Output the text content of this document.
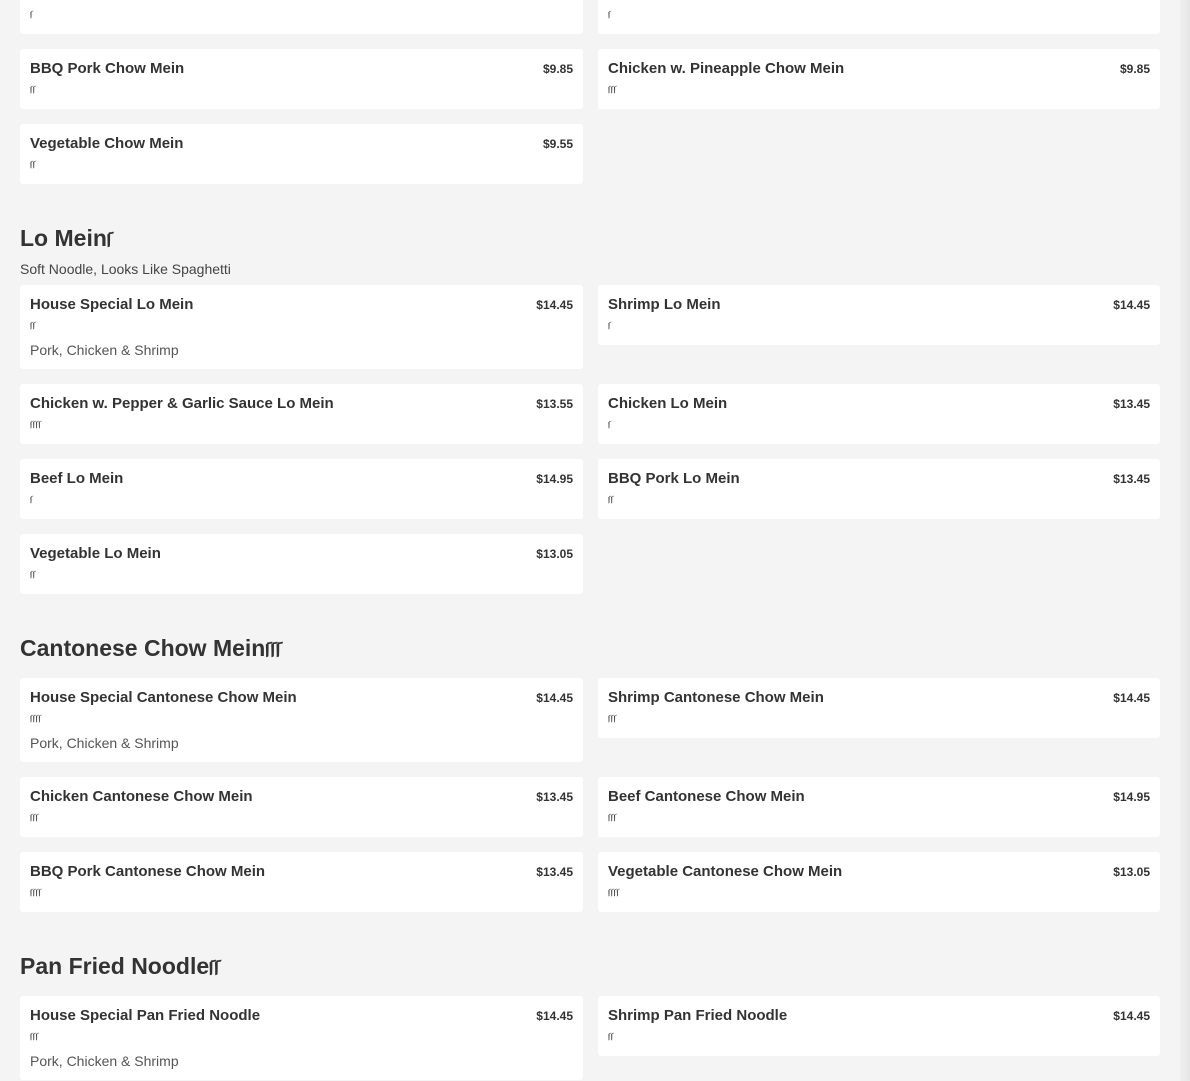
ࡱ	ࡱ
BBQ Pork Chow Mein	$9.85
ࡱࡱ
Chicken w. Pineapple Chow Mein	$9.85
ࡱࡱࡱ
Vegetable Chow Mein	$9.55
ࡱࡱ
Lo Meinࡱ
Soft Noodle, Looks Like Spaghetti
House Special Lo Mein	$14.45
ࡱࡱ
Pork, Chicken & Shrimp
Shrimp Lo Mein	$14.45
ࡱ
Chicken w. Pepper & Garlic Sauce Lo Mein	$13.55
ࡱࡱࡱࡱ
Chicken Lo Mein	$13.45
ࡱ
Beef Lo Mein	$14.95
ࡱ
BBQ Pork Lo Mein	$13.45
ࡱࡱ
Vegetable Lo Mein	$13.05
ࡱࡱ
Cantonese Chow Meinࡱࡱࡱ
House Special Cantonese Chow Mein	$14.45
ࡱࡱࡱࡱ
Pork, Chicken & Shrimp
Shrimp Cantonese Chow Mein	$14.45
ࡱࡱࡱ
Chicken Cantonese Chow Mein	$13.45
ࡱࡱࡱ
Beef Cantonese Chow Mein	$14.95
ࡱࡱࡱ
BBQ Pork Cantonese Chow Mein	$13.45
ࡱࡱࡱࡱ
Vegetable Cantonese Chow Mein	$13.05
ࡱࡱࡱࡱ
Pan Fried Noodleࡱࡱ
House Special Pan Fried Noodle	$14.45
ࡱࡱࡱ
Pork, Chicken & Shrimp
Shrimp Pan Fried Noodle	$14.45
ࡱࡱ
